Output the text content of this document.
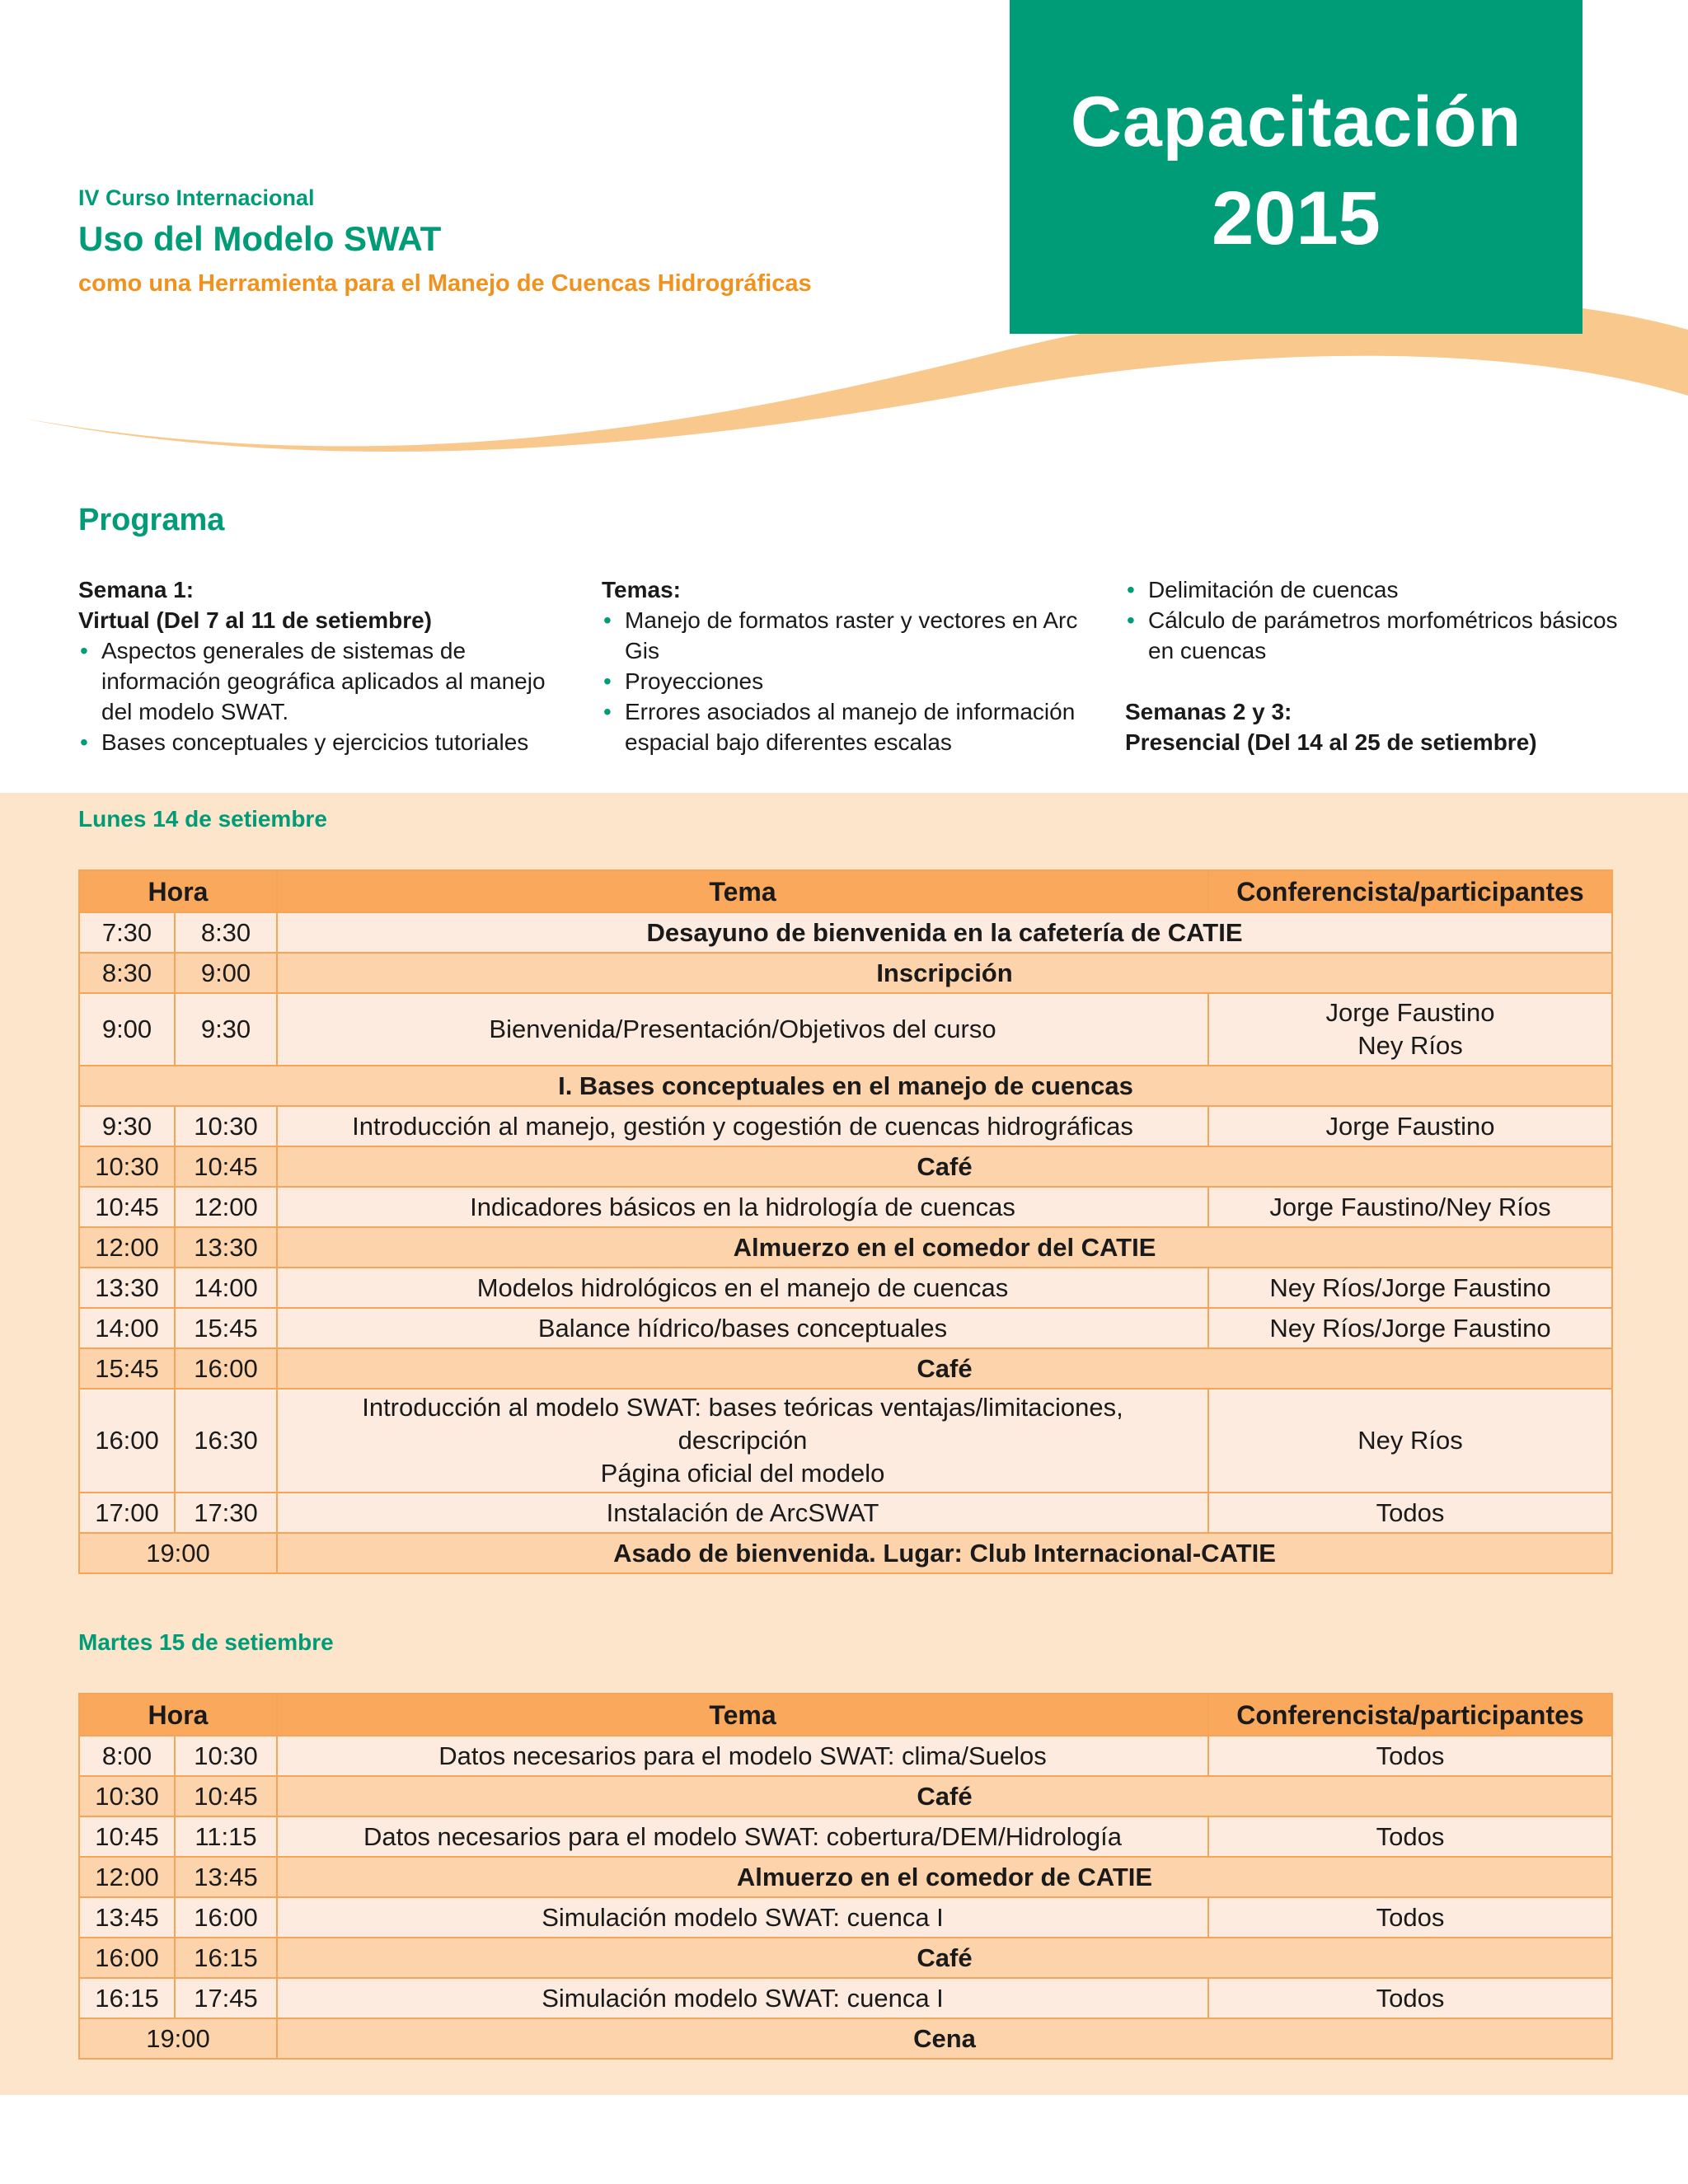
Capacitación
2015
IV Curso Internacional
Uso del Modelo SWAT
como una Herramienta para el Manejo de Cuencas Hidrográficas
Programa

Semana 1:

Virtual (Del 7 al 11 de setiembre)

• Aspectos generales de sistemas de información geográfica aplicados al manejo del modelo SWAT.
• Bases conceptuales y ejercicios tutoriales

Temas:

• Manejo de formatos raster y vectores en Arc Gis
• Proyecciones
• Errores asociados al manejo de información espacial bajo diferentes escalas
• Delimitación de cuencas
• Cálculo de parámetros morfométricos básicos en cuencas

Semanas 2 y 3:

Presencial (Del 14 al 25 de setiembre)

Lunes 14 de setiembre
Hora		Tema	Conferencista/participantes
7:30	8:30	Desayuno de bienvenida en la cafetería de CATIE	
8:30	9:00	Inscripción	
9:00	9:30	Bienvenida/Presentación/Objetivos del curso	Jorge Faustino
Ney Ríos

I. Bases conceptuales en el manejo de cuencas			
9:30	10:30	Introducción al manejo, gestión y cogestión de cuencas hidrográficas	Jorge Faustino
10:30	10:45	Café	
10:45	12:00	Indicadores básicos en la hidrología de cuencas	Jorge Faustino/Ney Ríos
12:00	13:30	Almuerzo en el comedor del CATIE	
13:30	14:00	Modelos hidrológicos en el manejo de cuencas	Ney Ríos/Jorge Faustino
14:00	15:45	Balance hídrico/bases conceptuales	Ney Ríos/Jorge Faustino
15:45	16:00	Café	
16:00	16:30	Introducción al modelo SWAT: bases teóricas ventajas/limitaciones,
descripción
Página oficial del modelo	Ney Ríos
17:00	17:30	Instalación de ArcSWAT	Todos
19:00		Asado de bienvenida. Lugar: Club Internacional-CATIE	
Martes 15 de setiembre
Hora		Tema	Conferencista/participantes
8:00	10:30	Datos necesarios para el modelo SWAT: clima/Suelos	Todos
10:30	10:45	Café	
10:45	11:15	Datos necesarios para el modelo SWAT: cobertura/DEM/Hidrología	Todos
12:00	13:45	Almuerzo en el comedor de CATIE	
13:45	16:00	Simulación modelo SWAT: cuenca I	Todos
16:00	16:15	Café	
16:15	17:45	Simulación modelo SWAT: cuenca I	Todos
19:00		Cena	
